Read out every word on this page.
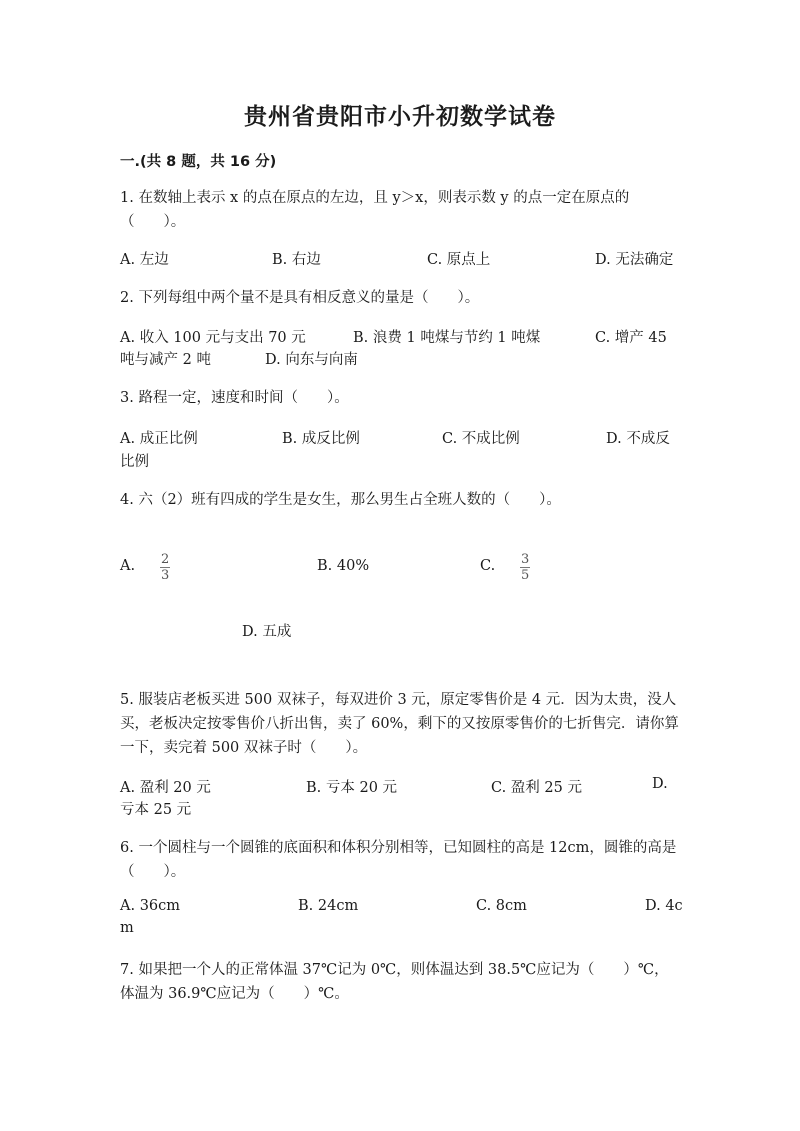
贵州省贵阳市小升初数学试卷
一.(共 8 题，共 16 分)
1. 在数轴上表示 x 的点在原点的左边，且 y＞x，则表示数 y 的点一定在原点的（　　）。
A. 左边	B. 右边	C. 原点上	D. 无法确定
2. 下列每组中两个量不是具有相反意义的量是（　　）。
A. 收入 100 元与支出 70 元	B. 浪费 1 吨煤与节约 1 吨煤	C. 增产 45
吨与减产 2 吨	D. 向东与向南
3. 路程一定，速度和时间（　　）。
A. 成正比例	B. 成反比例	C. 不成比例	D. 不成反
比例
4. 六（2）班有四成的学生是女生，那么男生占全班人数的（　　）。
A. $\frac{2}{3}$	B. 40%	C. $\frac{3}{5}$
D. 五成
5. 服装店老板买进 500 双袜子，每双进价 3 元，原定零售价是 4 元．因为太贵，没人买，老板决定按零售价八折出售，卖了 60%，剩下的又按原零售价的七折售完．请你算一下，卖完着 500 双袜子时（　　）。
A. 盈利 20 元	B. 亏本 20 元	C. 盈利 25 元	D.
亏本 25 元
6. 一个圆柱与一个圆锥的底面积和体积分别相等，已知圆柱的高是 12cm，圆锥的高是（　　）。
A. 36cm	B. 24cm	C. 8cm	D. 4c
m
7. 如果把一个人的正常体温 37℃记为 0℃，则体温达到 38.5℃应记为（　　）℃，体温为 36.9℃应记为（　　）℃。
